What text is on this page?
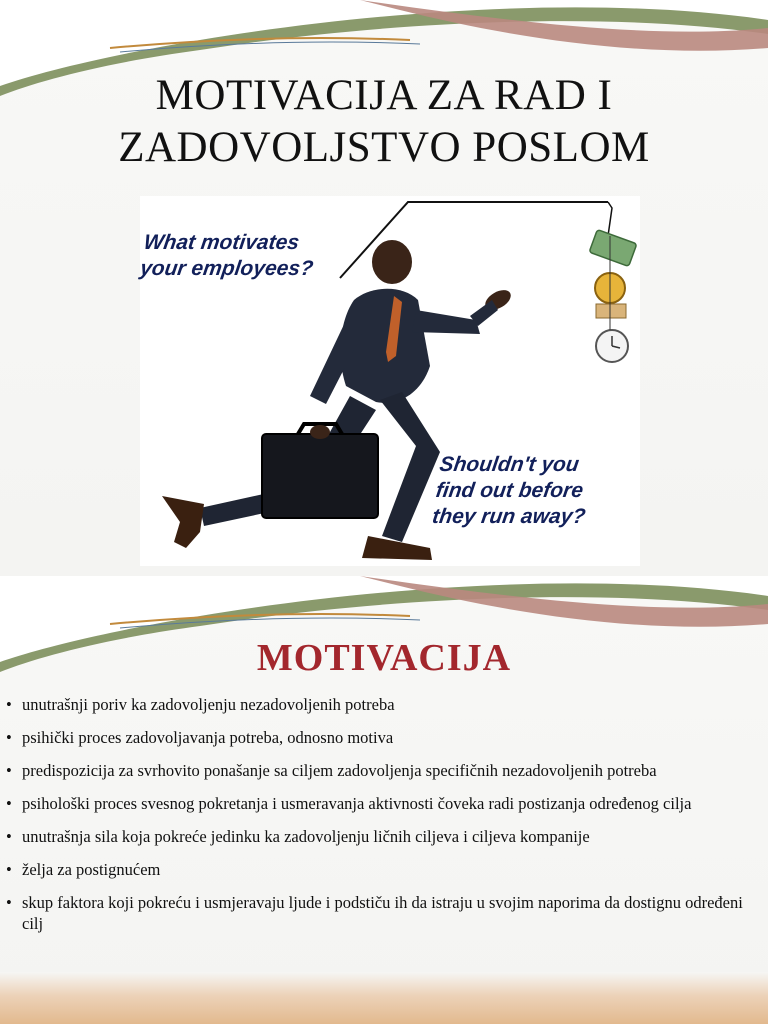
MOTIVACIJA ZA RAD I
ZADOVOLJSTVO POSLOM
What motivates
your employees?
Shouldn't you
find out before
they run away?
MOTIVACIJA
• unutrašnji poriv ka zadovoljenju nezadovoljenih potreba
• psihički proces zadovoljavanja potreba, odnosno motiva
• predispozicija za svrhovito ponašanje sa ciljem zadovoljenja specifičnih nezadovoljenih potreba
• psihološki proces svesnog pokretanja i usmeravanja aktivnosti čoveka radi postizanja određenog cilja
• unutrašnja sila koja pokreće jedinku ka zadovoljenju ličnih ciljeva i ciljeva kompanije
• želja za postignućem
• skup faktora koji pokreću i usmjeravaju ljude i podstiču ih da istraju u svojim naporima da dostignu određeni cilj
